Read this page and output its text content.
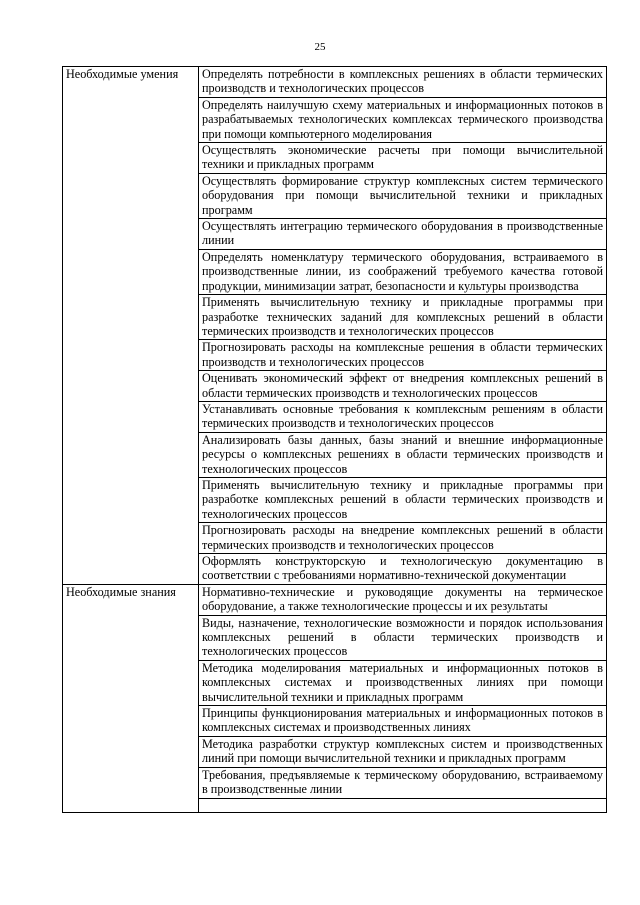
25
Необходимые умения	Определять потребности в комплексных решениях в области термических производств и технологических процессов
	Определять наилучшую схему материальных и информационных потоков в разрабатываемых технологических комплексах термического производства при помощи компьютерного моделирования
	Осуществлять экономические расчеты при помощи вычислительной техники и прикладных программ
	Осуществлять формирование структур комплексных систем термического оборудования при помощи вычислительной техники и прикладных программ
	Осуществлять интеграцию термического оборудования в производственные линии
	Определять номенклатуру термического оборудования, встраиваемого в производственные линии, из соображений требуемого качества готовой продукции, минимизации затрат, безопасности и культуры производства
	Применять вычислительную технику и прикладные программы при разработке технических заданий для комплексных решений в области термических производств и технологических процессов
	Прогнозировать расходы на комплексные решения в области термических производств и технологических процессов
	Оценивать экономический эффект от внедрения комплексных решений в области термических производств и технологических процессов
	Устанавливать основные требования к комплексным решениям в области термических производств и технологических процессов
	Анализировать базы данных, базы знаний и внешние информационные ресурсы о комплексных решениях в области термических производств и технологических процессов
	Применять вычислительную технику и прикладные программы при разработке комплексных решений в области термических производств и технологических процессов
	Прогнозировать расходы на внедрение комплексных решений в области термических производств и технологических процессов
	Оформлять конструкторскую и технологическую документацию в соответствии с требованиями нормативно-технической документации
Необходимые знания	Нормативно-технические и руководящие документы на термическое оборудование, а также технологические процессы и их результаты
	Виды, назначение, технологические возможности и порядок использования комплексных решений в области термических производств и технологических процессов
	Методика моделирования материальных и информационных потоков в комплексных системах и производственных линиях при помощи вычислительной техники и прикладных программ
	Принципы функционирования материальных и информационных потоков в комплексных системах и производственных линиях
	Методика разработки структур комплексных систем и производственных линий при помощи вычислительной техники и прикладных программ
	Требования, предъявляемые к термическому оборудованию, встраиваемому в производственные линии
